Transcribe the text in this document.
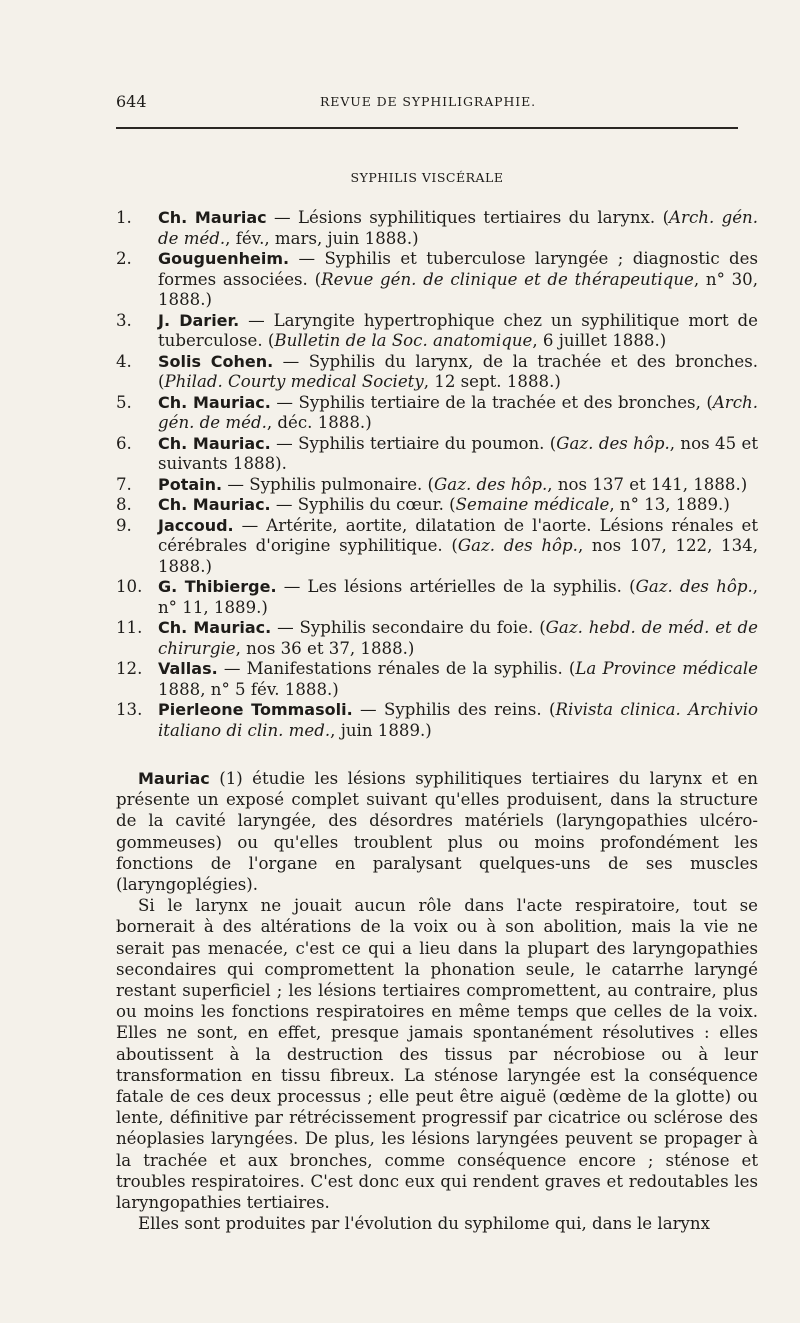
644	REVUE DE SYPHILIGRAPHIE.
SYPHILIS VISCÉRALE
1.	Ch. Mauriac — Lésions syphilitiques tertiaires du larynx. (Arch. gén. de méd., fév., mars, juin 1888.)
2.	Gouguenheim. — Syphilis et tuberculose laryngée ; diagnostic des formes associées. (Revue gén. de clinique et de thérapeutique, n° 30, 1888.)
3.	J. Darier. — Laryngite hypertrophique chez un syphilitique mort de tuberculose. (Bulletin de la Soc. anatomique, 6 juillet 1888.)
4.	Solis Cohen. — Syphilis du larynx, de la trachée et des bronches. (Philad. Courty medical Society, 12 sept. 1888.)
5.	Ch. Mauriac. — Syphilis tertiaire de la trachée et des bronches, (Arch. gén. de méd., déc. 1888.)
6.	Ch. Mauriac. — Syphilis tertiaire du poumon. (Gaz. des hôp., nos 45 et suivants 1888).
7.	Potain. — Syphilis pulmonaire. (Gaz. des hôp., nos 137 et 141, 1888.)
8.	Ch. Mauriac. — Syphilis du cœur. (Semaine médicale, n° 13, 1889.)
9.	Jaccoud. — Artérite, aortite, dilatation de l'aorte. Lésions rénales et cérébrales d'origine syphilitique. (Gaz. des hôp., nos 107, 122, 134, 1888.)
10. G. Thibierge. — Les lésions artérielles de la syphilis. (Gaz. des hôp., n° 11, 1889.)
11. Ch. Mauriac. — Syphilis secondaire du foie. (Gaz. hebd. de méd. et de chirurgie, nos 36 et 37, 1888.)
12. Vallas. — Manifestations rénales de la syphilis. (La Province médicale 1888, n° 5 fév. 1888.)
13. Pierleone Tommasoli. — Syphilis des reins. (Rivista clinica. Archivio italiano di clin. med., juin 1889.)

Mauriac (1) étudie les lésions syphilitiques tertiaires du larynx et en présente un exposé complet suivant qu'elles produisent, dans la structure de la cavité laryngée, des désordres matériels (laryngopathies ulcéro-gommeuses) ou qu'elles troublent plus ou moins profondément les fonctions de l'organe en paralysant quelques-uns de ses muscles (laryngoplégies).

Si le larynx ne jouait aucun rôle dans l'acte respiratoire, tout se bornerait à des altérations de la voix ou à son abolition, mais la vie ne serait pas menacée, c'est ce qui a lieu dans la plupart des laryngopathies secondaires qui compromettent la phonation seule, le catarrhe laryngé restant superficiel ; les lésions tertiaires compromettent, au contraire, plus ou moins les fonctions respiratoires en même temps que celles de la voix. Elles ne sont, en effet, presque jamais spontanément résolutives : elles aboutissent à la destruction des tissus par nécrobiose ou à leur transformation en tissu fibreux. La sténose laryngée est la conséquence fatale de ces deux processus ; elle peut être aiguë (œdème de la glotte) ou lente, définitive par rétrécissement progressif par cicatrice ou sclérose des néoplasies laryngées. De plus, les lésions laryngées peuvent se propager à la trachée et aux bronches, comme conséquence encore ; sténose et troubles respiratoires. C'est donc eux qui rendent graves et redoutables les laryngopathies tertiaires.

Elles sont produites par l'évolution du syphilome qui, dans le larynx
